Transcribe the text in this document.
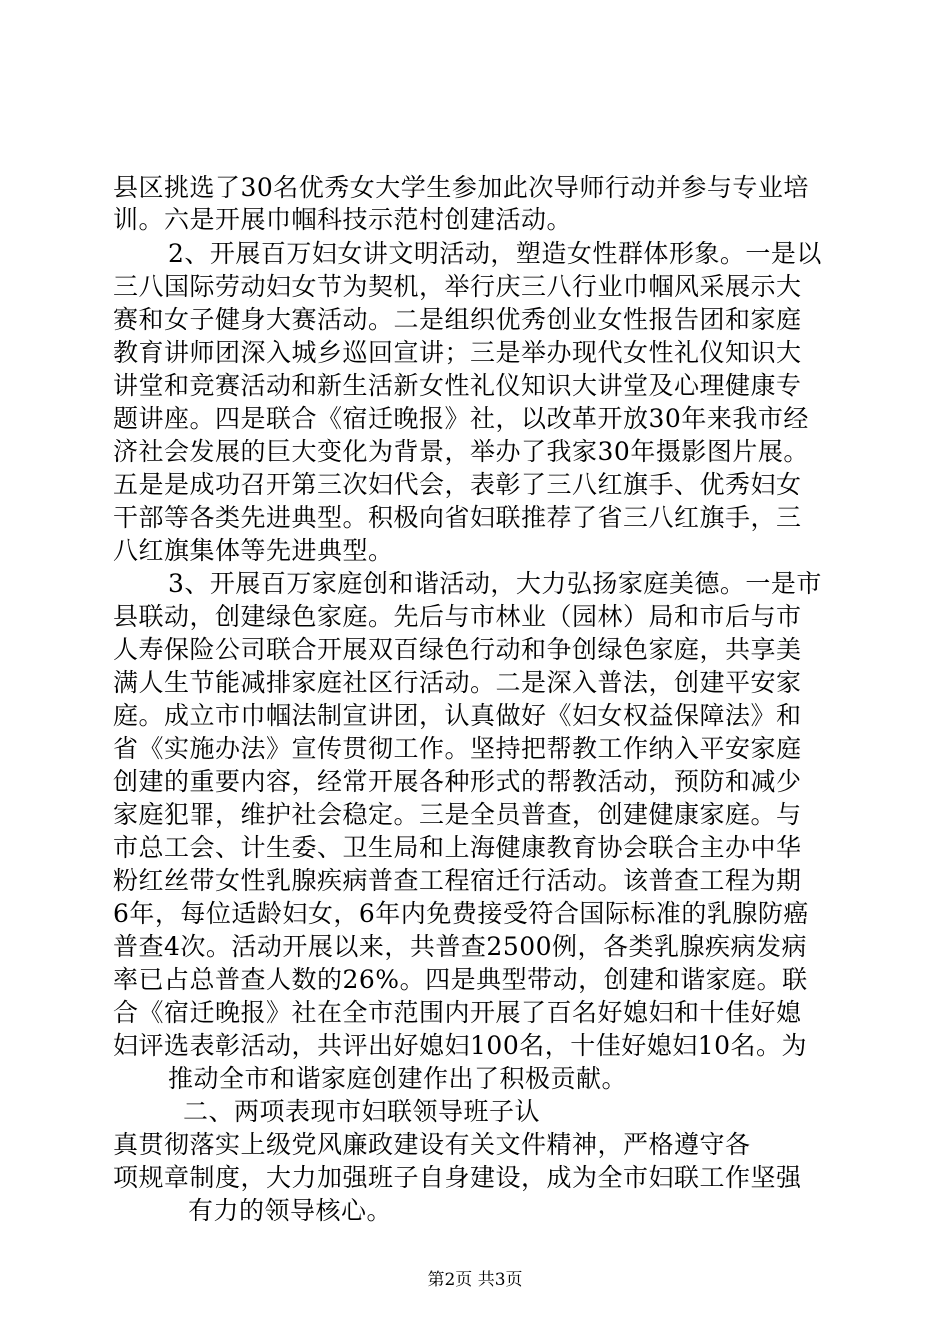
县区挑选了30名优秀女大学生参加此次导师行动并参与专业培
训。六是开展巾帼科技示范村创建活动。
2、开展百万妇女讲文明活动，塑造女性群体形象。一是以
三八国际劳动妇女节为契机，举行庆三八行业巾帼风采展示大
赛和女子健身大赛活动。二是组织优秀创业女性报告团和家庭
教育讲师团深入城乡巡回宣讲；三是举办现代女性礼仪知识大
讲堂和竞赛活动和新生活新女性礼仪知识大讲堂及心理健康专
题讲座。四是联合《宿迁晚报》社，以改革开放30年来我市经
济社会发展的巨大变化为背景，举办了我家30年摄影图片展。
五是是成功召开第三次妇代会，表彰了三八红旗手、优秀妇女
干部等各类先进典型。积极向省妇联推荐了省三八红旗手，三
八红旗集体等先进典型。
3、开展百万家庭创和谐活动，大力弘扬家庭美德。一是市
县联动，创建绿色家庭。先后与市林业（园林）局和市后与市
人寿保险公司联合开展双百绿色行动和争创绿色家庭，共享美
满人生节能减排家庭社区行活动。二是深入普法，创建平安家
庭。成立市巾帼法制宣讲团，认真做好《妇女权益保障法》和
省《实施办法》宣传贯彻工作。坚持把帮教工作纳入平安家庭
创建的重要内容，经常开展各种形式的帮教活动，预防和减少
家庭犯罪，维护社会稳定。三是全员普查，创建健康家庭。与
市总工会、计生委、卫生局和上海健康教育协会联合主办中华
粉红丝带女性乳腺疾病普查工程宿迁行活动。该普查工程为期
6年，每位适龄妇女，6年内免费接受符合国际标准的乳腺防癌
普查4次。活动开展以来，共普查2500例，各类乳腺疾病发病
率已占总普查人数的26%。四是典型带动，创建和谐家庭。联
合《宿迁晚报》社在全市范围内开展了百名好媳妇和十佳好媳
妇评选表彰活动，共评出好媳妇100名，十佳好媳妇10名。为
推动全市和谐家庭创建作出了积极贡献。
二、两项表现市妇联领导班子认
真贯彻落实上级党风廉政建设有关文件精神，严格遵守各
项规章制度，大力加强班子自身建设，成为全市妇联工作坚强
有力的领导核心。
第2页 共3页
